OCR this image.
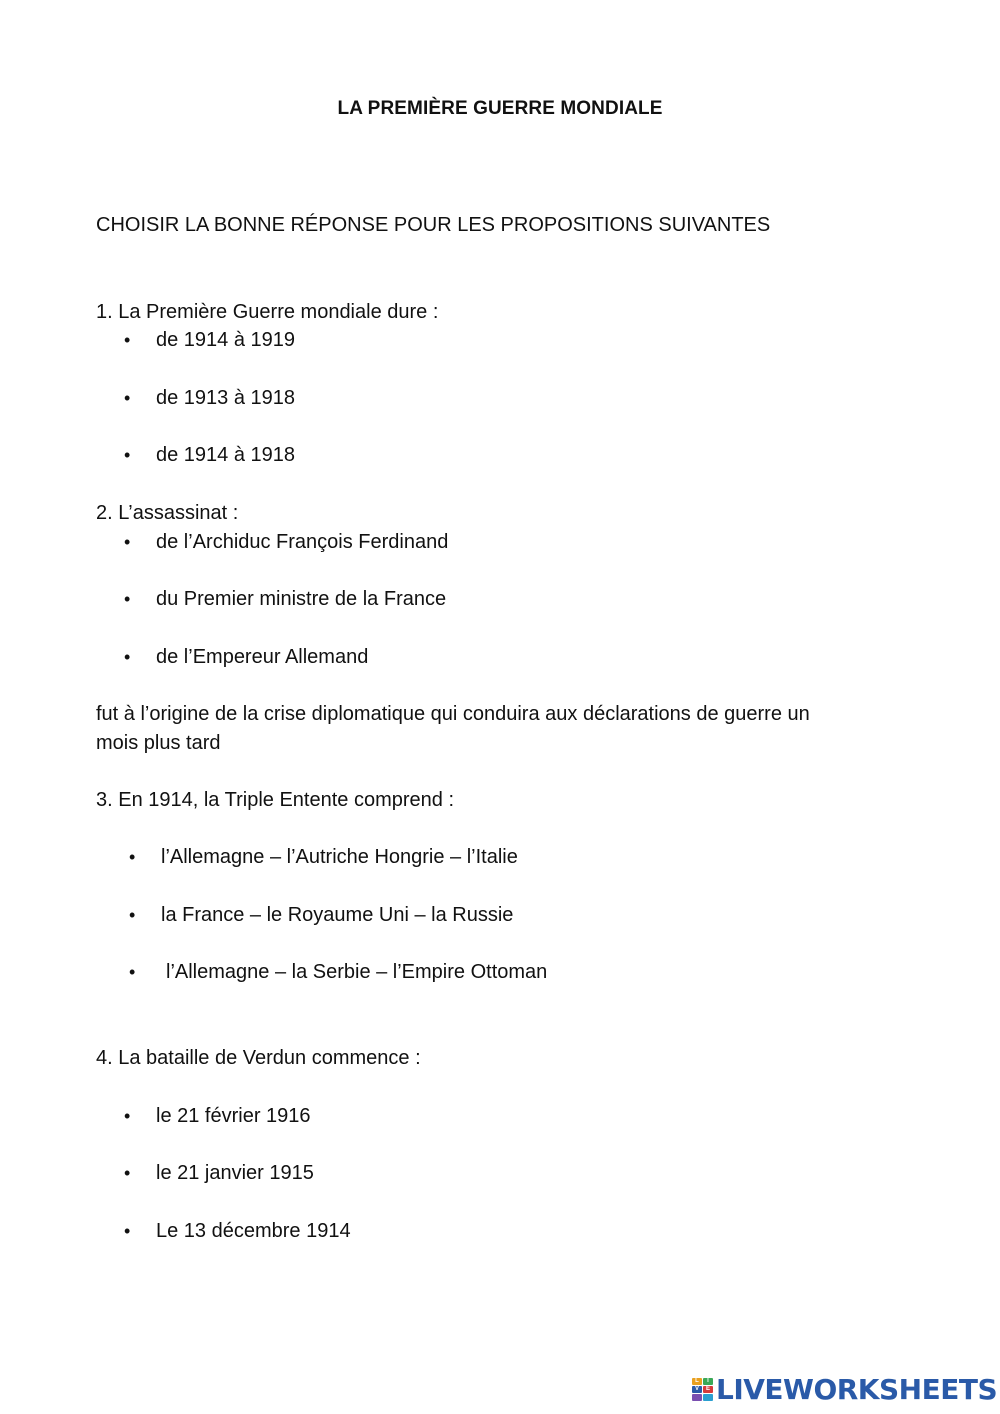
LA PREMIÈRE GUERRE MONDIALE
CHOISIR LA BONNE RÉPONSE POUR LES PROPOSITIONS SUIVANTES
1. La Première Guerre mondiale dure :
• de 1914 à 1919
• de 1913 à 1918
• de 1914 à 1918
2. L’assassinat :
• de l’Archiduc François Ferdinand
• du Premier ministre de la France
• de l’Empereur Allemand
fut à l’origine de la crise diplomatique qui conduira aux déclarations de guerre un
mois plus tard
3. En 1914, la Triple Entente comprend :
• l’Allemagne – l’Autriche Hongrie – l’Italie
• la France – le Royaume Uni – la Russie
• l’Allemagne – la Serbie – l’Empire Ottoman
4. La bataille de Verdun commence :
• le 21 février 1916
• le 21 janvier 1915
• Le 13 décembre 1914
L	I
V	E LIVEWORKSHEETS
